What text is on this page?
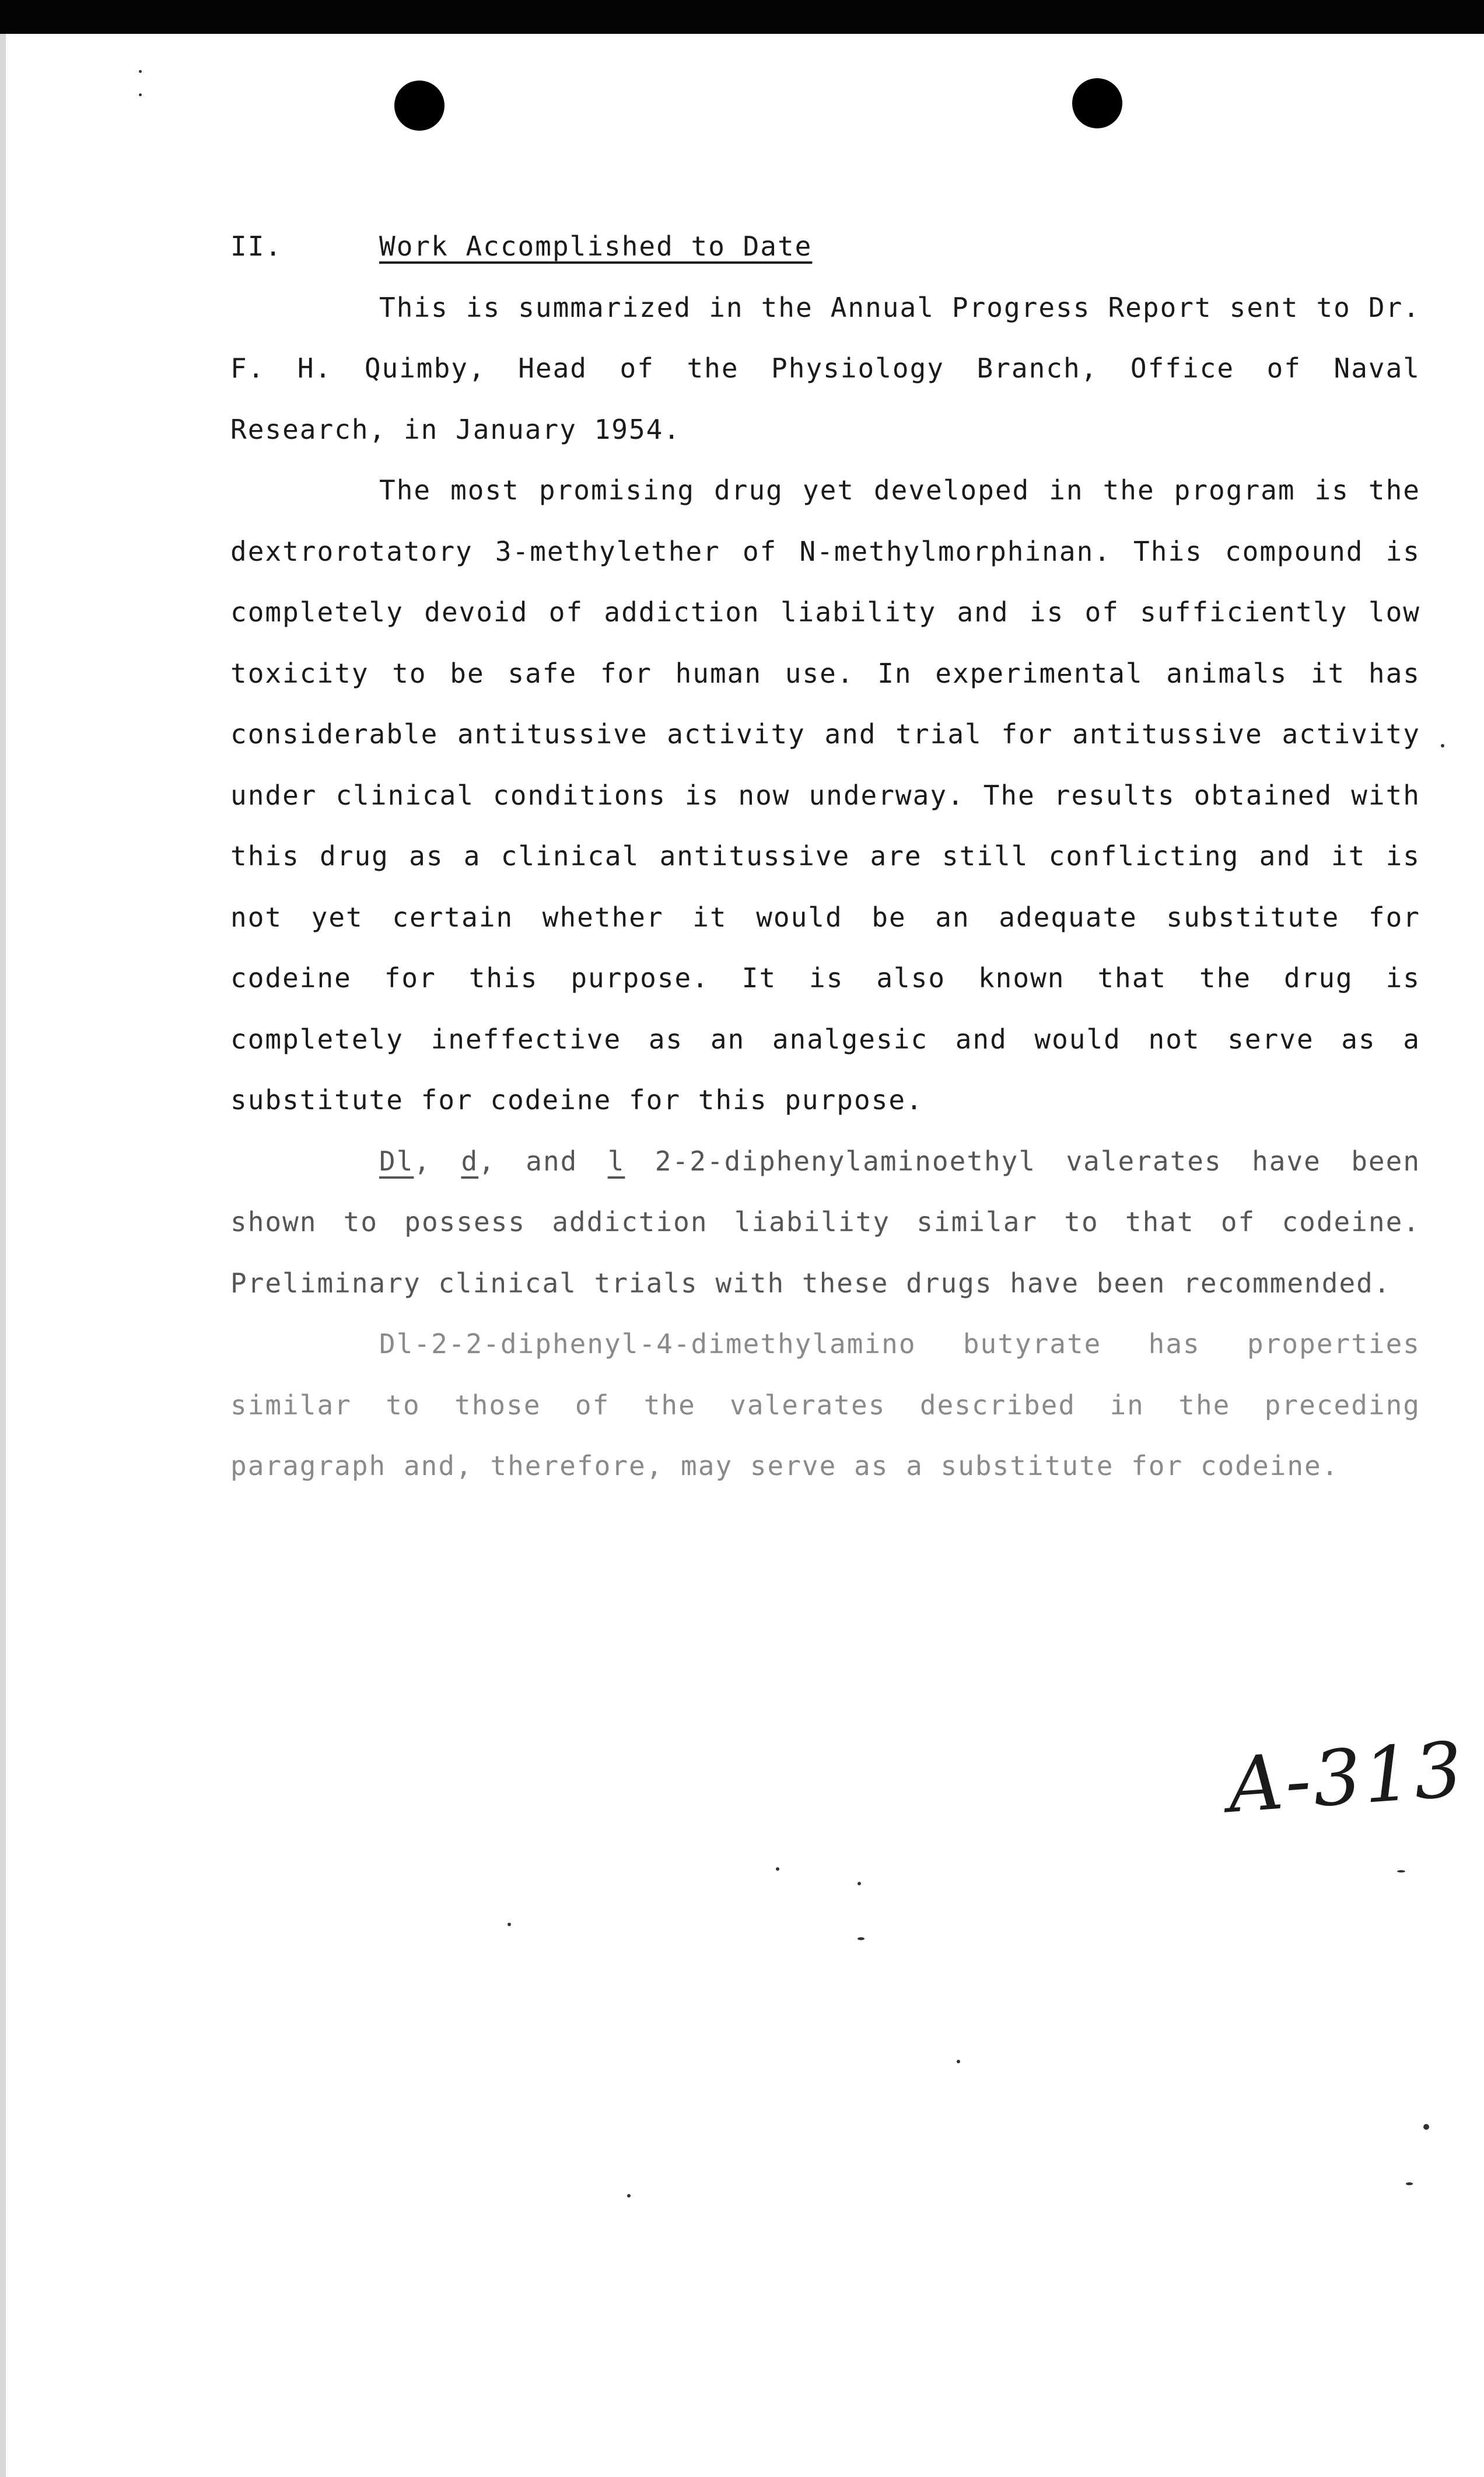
II.	Work Accomplished to Date

This is summarized in the Annual Progress Report sent to Dr. F. H. Quimby, Head of the Physiology Branch, Office of Naval Research, in January 1954.

The most promising drug yet developed in the program is the dextrorotatory 3-methylether of N-methylmorphinan. This compound is completely devoid of addiction liability and is of sufficiently low toxicity to be safe for human use. In experimental animals it has considerable antitussive activity and trial for antitussive activity under clinical conditions is now underway. The results obtained with this drug as a clinical antitussive are still conflicting and it is not yet certain whether it would be an adequate substitute for codeine for this purpose. It is also known that the drug is completely ineffective as an analgesic and would not serve as a substitute for codeine for this purpose.

Dl, d, and l 2-2-diphenylaminoethyl valerates have been shown to possess addiction liability similar to that of codeine. Preliminary clinical trials with these drugs have been recommended.

Dl-2-2-diphenyl-4-dimethylamino butyrate has properties similar to those of the valerates described in the preceding paragraph and, therefore, may serve as a substitute for codeine.

A-313
